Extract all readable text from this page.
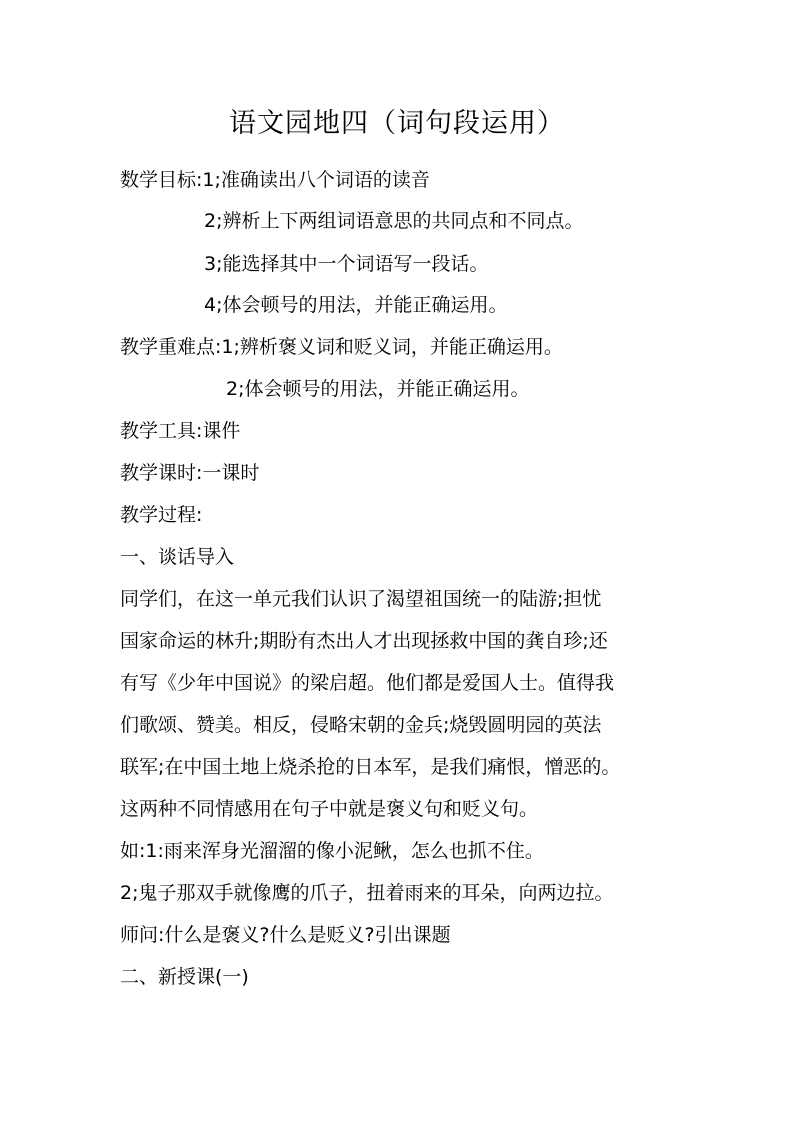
语文园地四（词句段运用）
数学目标:1;准确读出八个词语的读音
2;辨析上下两组词语意思的共同点和不同点。
3;能选择其中一个词语写一段话。
4;体会顿号的用法，并能正确运用。
教学重难点:1;辨析褒义词和贬义词，并能正确运用。
2;体会顿号的用法，并能正确运用。
教学工具:课件
教学课时:一课时
教学过程:
一、谈话导入
同学们，在这一单元我们认识了渴望祖国统一的陆游;担忧
国家命运的林升;期盼有杰出人才出现拯救中国的龚自珍;还
有写《少年中国说》的梁启超。他们都是爱国人士。值得我
们歌颂、赞美。相反，侵略宋朝的金兵;烧毁圆明园的英法
联军;在中国土地上烧杀抢的日本军，是我们痛恨，憎恶的。
这两种不同情感用在句子中就是褒义句和贬义句。
如:1:雨来浑身光溜溜的像小泥鳅，怎么也抓不住。
2;鬼子那双手就像鹰的爪子，扭着雨来的耳朵，向两边拉。
师问:什么是褒义?什么是贬义?引出课题
二、新授课(一)
